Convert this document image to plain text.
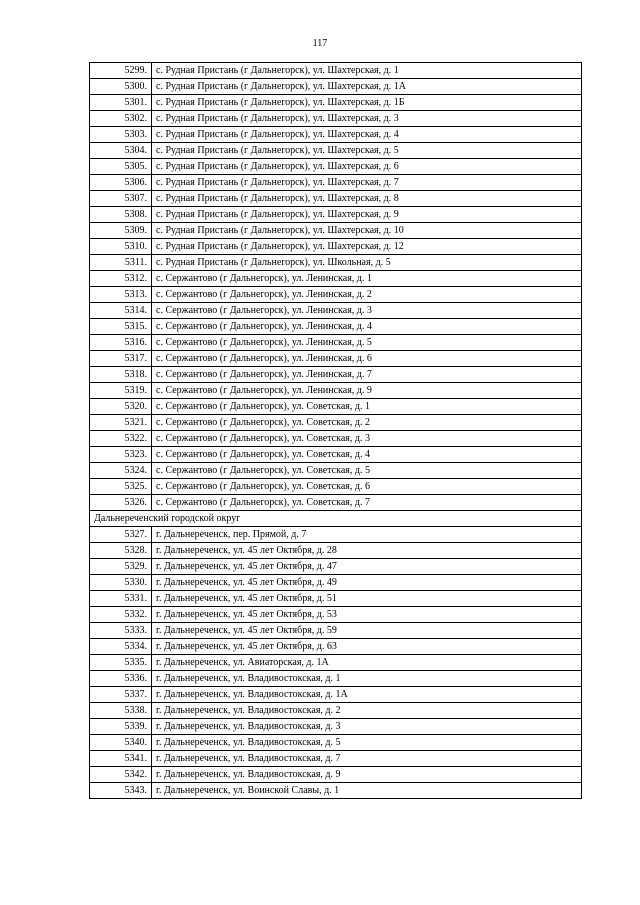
117
5299.	с. Рудная Пристань (г Дальнегорск), ул. Шахтерская, д. 1
5300.	с. Рудная Пристань (г Дальнегорск), ул. Шахтерская, д. 1А
5301.	с. Рудная Пристань (г Дальнегорск), ул. Шахтерская, д. 1Б
5302.	с. Рудная Пристань (г Дальнегорск), ул. Шахтерская, д. 3
5303.	с. Рудная Пристань (г Дальнегорск), ул. Шахтерская, д. 4
5304.	с. Рудная Пристань (г Дальнегорск), ул. Шахтерская, д. 5
5305.	с. Рудная Пристань (г Дальнегорск), ул. Шахтерская, д. 6
5306.	с. Рудная Пристань (г Дальнегорск), ул. Шахтерская, д. 7
5307.	с. Рудная Пристань (г Дальнегорск), ул. Шахтерская, д. 8
5308.	с. Рудная Пристань (г Дальнегорск), ул. Шахтерская, д. 9
5309.	с. Рудная Пристань (г Дальнегорск), ул. Шахтерская, д. 10
5310.	с. Рудная Пристань (г Дальнегорск), ул. Шахтерская, д. 12
5311.	с. Рудная Пристань (г Дальнегорск), ул. Школьная, д. 5
5312.	с. Сержантово (г Дальнегорск), ул. Ленинская, д. 1
5313.	с. Сержантово (г Дальнегорск), ул. Ленинская, д. 2
5314.	с. Сержантово (г Дальнегорск), ул. Ленинская, д. 3
5315.	с. Сержантово (г Дальнегорск), ул. Ленинская, д. 4
5316.	с. Сержантово (г Дальнегорск), ул. Ленинская, д. 5
5317.	с. Сержантово (г Дальнегорск), ул. Ленинская, д. 6
5318.	с. Сержантово (г Дальнегорск), ул. Ленинская, д. 7
5319.	с. Сержантово (г Дальнегорск), ул. Ленинская, д. 9
5320.	с. Сержантово (г Дальнегорск), ул. Советская, д. 1
5321.	с. Сержантово (г Дальнегорск), ул. Советская, д. 2
5322.	с. Сержантово (г Дальнегорск), ул. Советская, д. 3
5323.	с. Сержантово (г Дальнегорск), ул. Советская, д. 4
5324.	с. Сержантово (г Дальнегорск), ул. Советская, д. 5
5325.	с. Сержантово (г Дальнегорск), ул. Советская, д. 6
5326.	с. Сержантово (г Дальнегорск), ул. Советская, д. 7
Дальнереченский городской округ	
5327.	г. Дальнереченск, пер. Прямой, д. 7
5328.	г. Дальнереченск, ул. 45 лет Октября, д. 28
5329.	г. Дальнереченск, ул. 45 лет Октября, д. 47
5330.	г. Дальнереченск, ул. 45 лет Октября, д. 49
5331.	г. Дальнереченск, ул. 45 лет Октября, д. 51
5332.	г. Дальнереченск, ул. 45 лет Октября, д. 53
5333.	г. Дальнереченск, ул. 45 лет Октября, д. 59
5334.	г. Дальнереченск, ул. 45 лет Октября, д. 63
5335.	г. Дальнереченск, ул. Авиаторская, д. 1А
5336.	г. Дальнереченск, ул. Владивостокская, д. 1
5337.	г. Дальнереченск, ул. Владивостокская, д. 1А
5338.	г. Дальнереченск, ул. Владивостокская, д. 2
5339.	г. Дальнереченск, ул. Владивостокская, д. 3
5340.	г. Дальнереченск, ул. Владивостокская, д. 5
5341.	г. Дальнереченск, ул. Владивостокская, д. 7
5342.	г. Дальнереченск, ул. Владивостокская, д. 9
5343.	г. Дальнереченск, ул. Воинской Славы, д. 1
